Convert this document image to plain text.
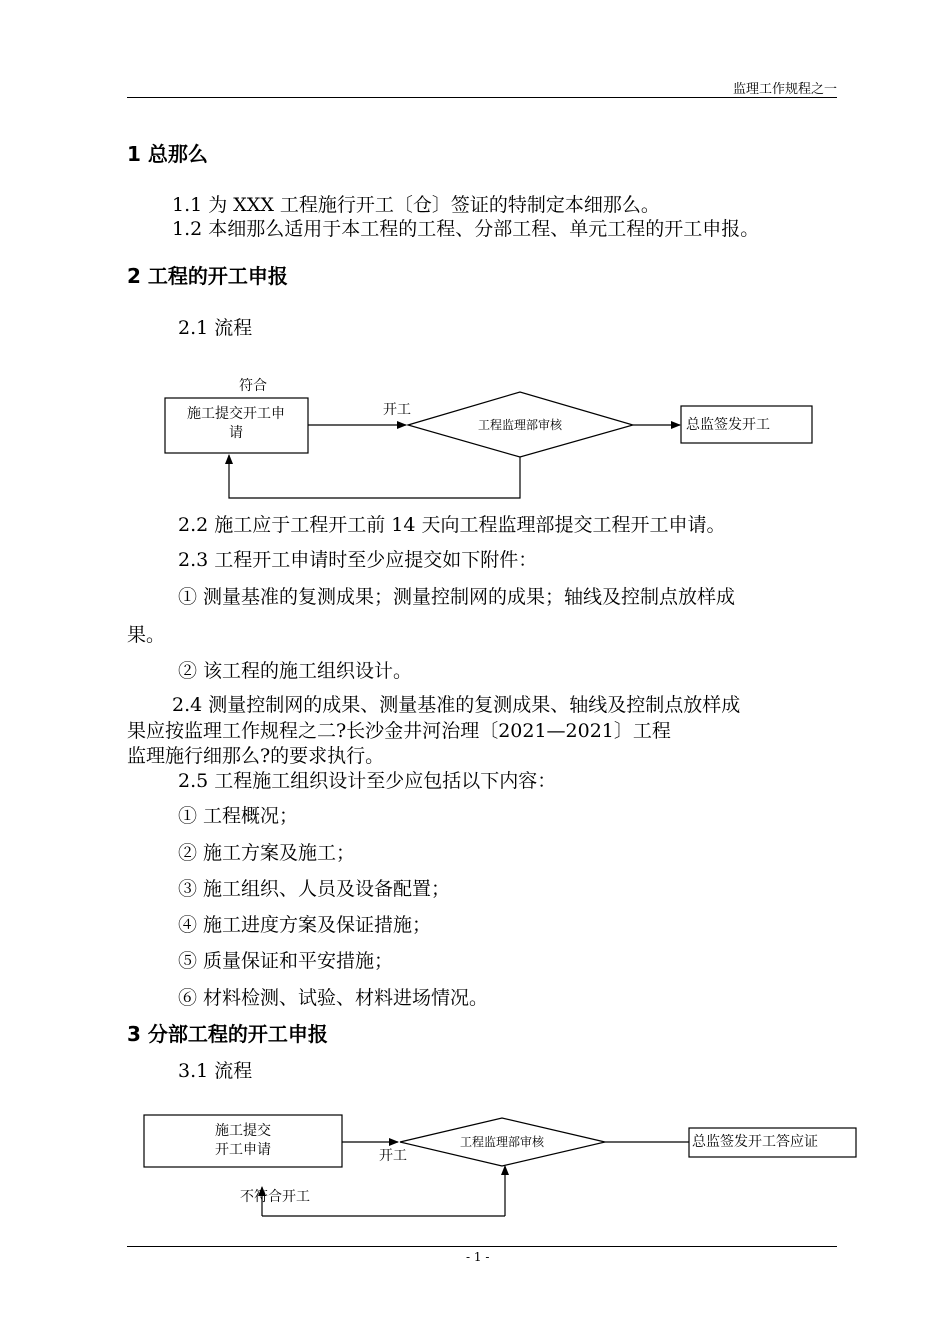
监理工作规程之一
1 总那么
1.1 为 XXX 工程施行开工〔仓〕签证的特制定本细那么。
1.2 本细那么适用于本工程的工程、分部工程、单元工程的开工申报。
2 工程的开工申报
2.1 流程
符合
施工提交开工申
请
开工
工程监理部审核	总监签发开工
施工提交
开工申请	开工
工程监理部审核	总监签发开工答应证
不符合开工
2.2 施工应于工程开工前 14 天向工程监理部提交工程开工申请。
2.3 工程开工申请时至少应提交如下附件：
① 测量基准的复测成果；测量控制网的成果；轴线及控制点放样成
果。
② 该工程的施工组织设计。
2.4 测量控制网的成果、测量基准的复测成果、轴线及控制点放样成
果应按监理工作规程之二?长沙金井河治理〔2021—2021〕工程
监理施行细那么?的要求执行。
2.5 工程施工组织设计至少应包括以下内容：
① 工程概况；
② 施工方案及施工；
③ 施工组织、人员及设备配置；
④ 施工进度方案及保证措施；
⑤ 质量保证和平安措施；
⑥ 材料检测、试验、材料进场情况。
3 分部工程的开工申报
3.1 流程
- 1 -
